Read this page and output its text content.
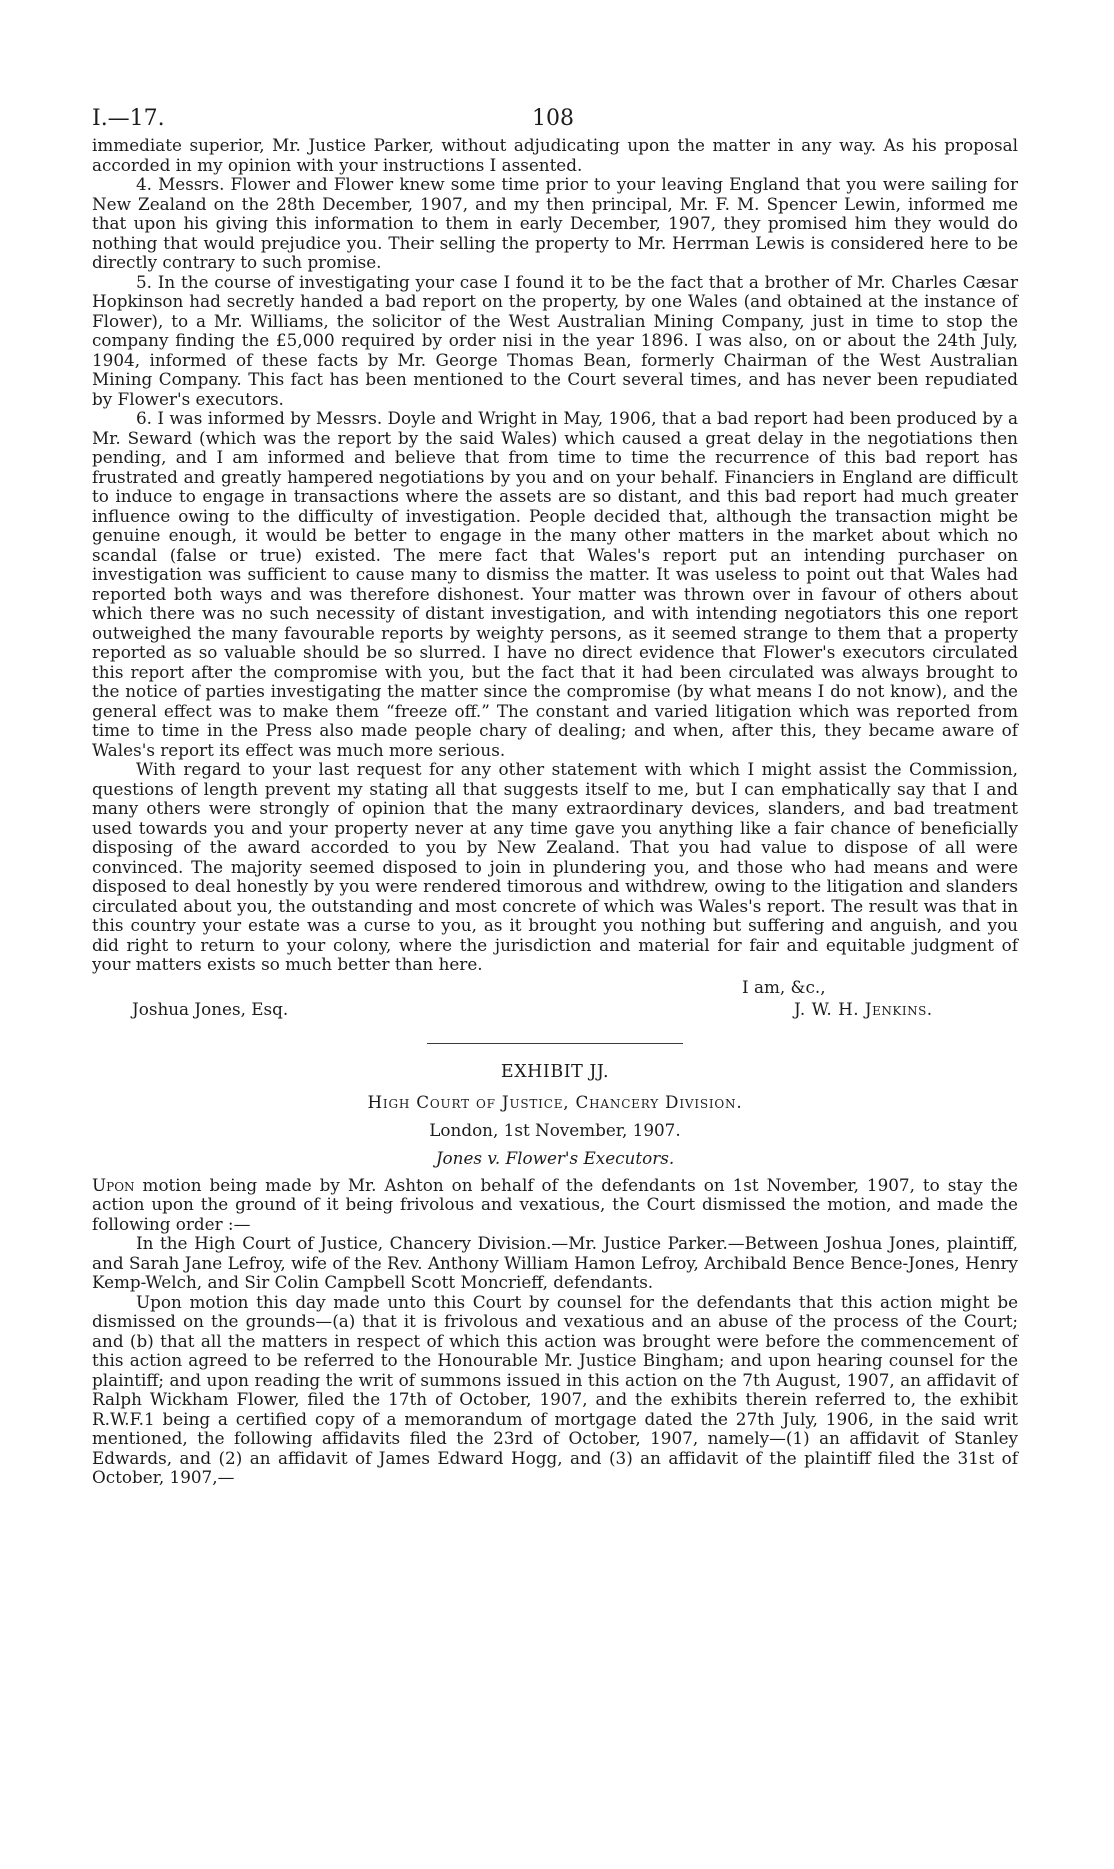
I.—17.	108

immediate superior, Mr. Justice Parker, without adjudicating upon the matter in any way. As his proposal accorded in my opinion with your instructions I assented.

4. Messrs. Flower and Flower knew some time prior to your leaving England that you were sailing for New Zealand on the 28th December, 1907, and my then principal, Mr. F. M. Spencer Lewin, informed me that upon his giving this information to them in early December, 1907, they promised him they would do nothing that would prejudice you. Their selling the property to Mr. Herrman Lewis is considered here to be directly contrary to such promise.

5. In the course of investigating your case I found it to be the fact that a brother of Mr. Charles Cæsar Hopkinson had secretly handed a bad report on the property, by one Wales (and obtained at the instance of Flower), to a Mr. Williams, the solicitor of the West Australian Mining Company, just in time to stop the company finding the £5,000 required by order nisi in the year 1896. I was also, on or about the 24th July, 1904, informed of these facts by Mr. George Thomas Bean, formerly Chairman of the West Australian Mining Company. This fact has been mentioned to the Court several times, and has never been repudiated by Flower's executors.

6. I was informed by Messrs. Doyle and Wright in May, 1906, that a bad report had been produced by a Mr. Seward (which was the report by the said Wales) which caused a great delay in the negotiations then pending, and I am informed and believe that from time to time the recurrence of this bad report has frustrated and greatly hampered negotiations by you and on your behalf. Financiers in England are difficult to induce to engage in transactions where the assets are so distant, and this bad report had much greater influence owing to the difficulty of investigation. People decided that, although the transaction might be genuine enough, it would be better to engage in the many other matters in the market about which no scandal (false or true) existed. The mere fact that Wales's report put an intending purchaser on investigation was sufficient to cause many to dismiss the matter. It was useless to point out that Wales had reported both ways and was therefore dishonest. Your matter was thrown over in favour of others about which there was no such necessity of distant investigation, and with intending negotiators this one report outweighed the many favourable reports by weighty persons, as it seemed strange to them that a property reported as so valuable should be so slurred. I have no direct evidence that Flower's executors circulated this report after the compromise with you, but the fact that it had been circulated was always brought to the notice of parties investigating the matter since the compromise (by what means I do not know), and the general effect was to make them “freeze off.” The constant and varied litigation which was reported from time to time in the Press also made people chary of dealing; and when, after this, they became aware of Wales's report its effect was much more serious.

With regard to your last request for any other statement with which I might assist the Commission, questions of length prevent my stating all that suggests itself to me, but I can emphatically say that I and many others were strongly of opinion that the many extraordinary devices, slanders, and bad treatment used towards you and your property never at any time gave you anything like a fair chance of beneficially disposing of the award accorded to you by New Zealand. That you had value to dispose of all were convinced. The majority seemed disposed to join in plundering you, and those who had means and were disposed to deal honestly by you were rendered timorous and withdrew, owing to the litigation and slanders circulated about you, the outstanding and most concrete of which was Wales's report. The result was that in this country your estate was a curse to you, as it brought you nothing but suffering and anguish, and you did right to return to your colony, where the jurisdiction and material for fair and equitable judgment of your matters exists so much better than here.

I am, &c.,
Joshua Jones, Esq.	J. W. H. Jenkins.
EXHIBIT JJ.
High Court of Justice, Chancery Division.
London, 1st November, 1907.
Jones v. Flower's Executors.

Upon motion being made by Mr. Ashton on behalf of the defendants on 1st November, 1907, to stay the action upon the ground of it being frivolous and vexatious, the Court dismissed the motion, and made the following order :—

In the High Court of Justice, Chancery Division.—Mr. Justice Parker.—Between Joshua Jones, plaintiff, and Sarah Jane Lefroy, wife of the Rev. Anthony William Hamon Lefroy, Archibald Bence Bence-Jones, Henry Kemp-Welch, and Sir Colin Campbell Scott Moncrieff, defendants.

Upon motion this day made unto this Court by counsel for the defendants that this action might be dismissed on the grounds—(a) that it is frivolous and vexatious and an abuse of the process of the Court; and (b) that all the matters in respect of which this action was brought were before the commencement of this action agreed to be referred to the Honourable Mr. Justice Bingham; and upon hearing counsel for the plaintiff; and upon reading the writ of summons issued in this action on the 7th August, 1907, an affidavit of Ralph Wickham Flower, filed the 17th of October, 1907, and the exhibits therein referred to, the exhibit R.W.F.1 being a certified copy of a memorandum of mortgage dated the 27th July, 1906, in the said writ mentioned, the following affidavits filed the 23rd of October, 1907, namely—(1) an affidavit of Stanley Edwards, and (2) an affidavit of James Edward Hogg, and (3) an affidavit of the plaintiff filed the 31st of October, 1907,—
